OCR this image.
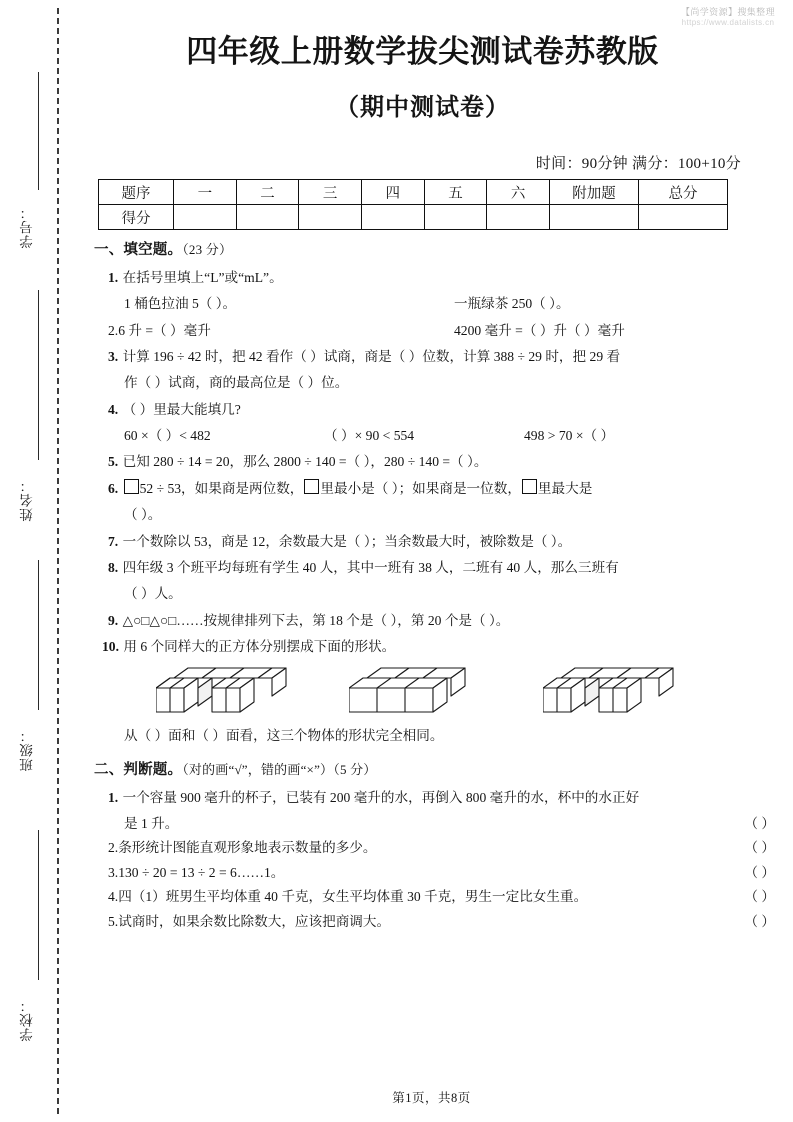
学号：
姓名：
班级：
学校：
【尚学资源】搜集整理
https://www.datalists.cn
四年级上册数学拔尖测试卷苏教版
（期中测试卷）
时间：90分钟 满分：100+10分
题序	一	二	三	四	五	六	附加题	总分
得分								
一、填空题。（23 分）
1. 在括号里填上“L”或“mL”。
1 桶色拉油 5（ ）。	一瓶绿茶 250（ ）。
2.6 升 =（ ）毫升	4200 毫升 =（ ）升（ ）毫升
3. 计算 196 ÷ 42 时，把 42 看作（ ）试商，商是（ ）位数，计算 388 ÷ 29 时，把 29 看
作（ ）试商，商的最高位是（ ）位。
4. （ ）里最大能填几?
60 ×（ ）< 482	（ ）× 90 < 554	498 > 70 ×（ ）
5. 已知 280 ÷ 14 = 20，那么 2800 ÷ 140 =（ ），280 ÷ 140 =（ ）。
6. 52 ÷ 53，如果商是两位数， 里最小是（ ）；如果商是一位数， 里最大是
（ ）。
7. 一个数除以 53，商是 12，余数最大是（ ）；当余数最大时，被除数是（ ）。
8. 四年级 3 个班平均每班有学生 40 人，其中一班有 38 人，二班有 40 人，那么三班有
（ ）人。
9. △○□△○□……按规律排列下去，第 18 个是（ ），第 20 个是（ ）。
10. 用 6 个同样大的正方体分别摆成下面的形状。
从（ ）面和（ ）面看，这三个物体的形状完全相同。
二、判断题。（对的画“√”，错的画“×”）（5 分）
1. 一个容量 900 毫升的杯子，已装有 200 毫升的水，再倒入 800 毫升的水，杯中的水正好
是 1 升。	（ ）
2.条形统计图能直观形象地表示数量的多少。	（ ）
3.130 ÷ 20 = 13 ÷ 2 = 6……1。	（ ）
4.四（1）班男生平均体重 40 千克，女生平均体重 30 千克，男生一定比女生重。	（ ）
5.试商时，如果余数比除数大，应该把商调大。	（ ）
第1页，共8页
